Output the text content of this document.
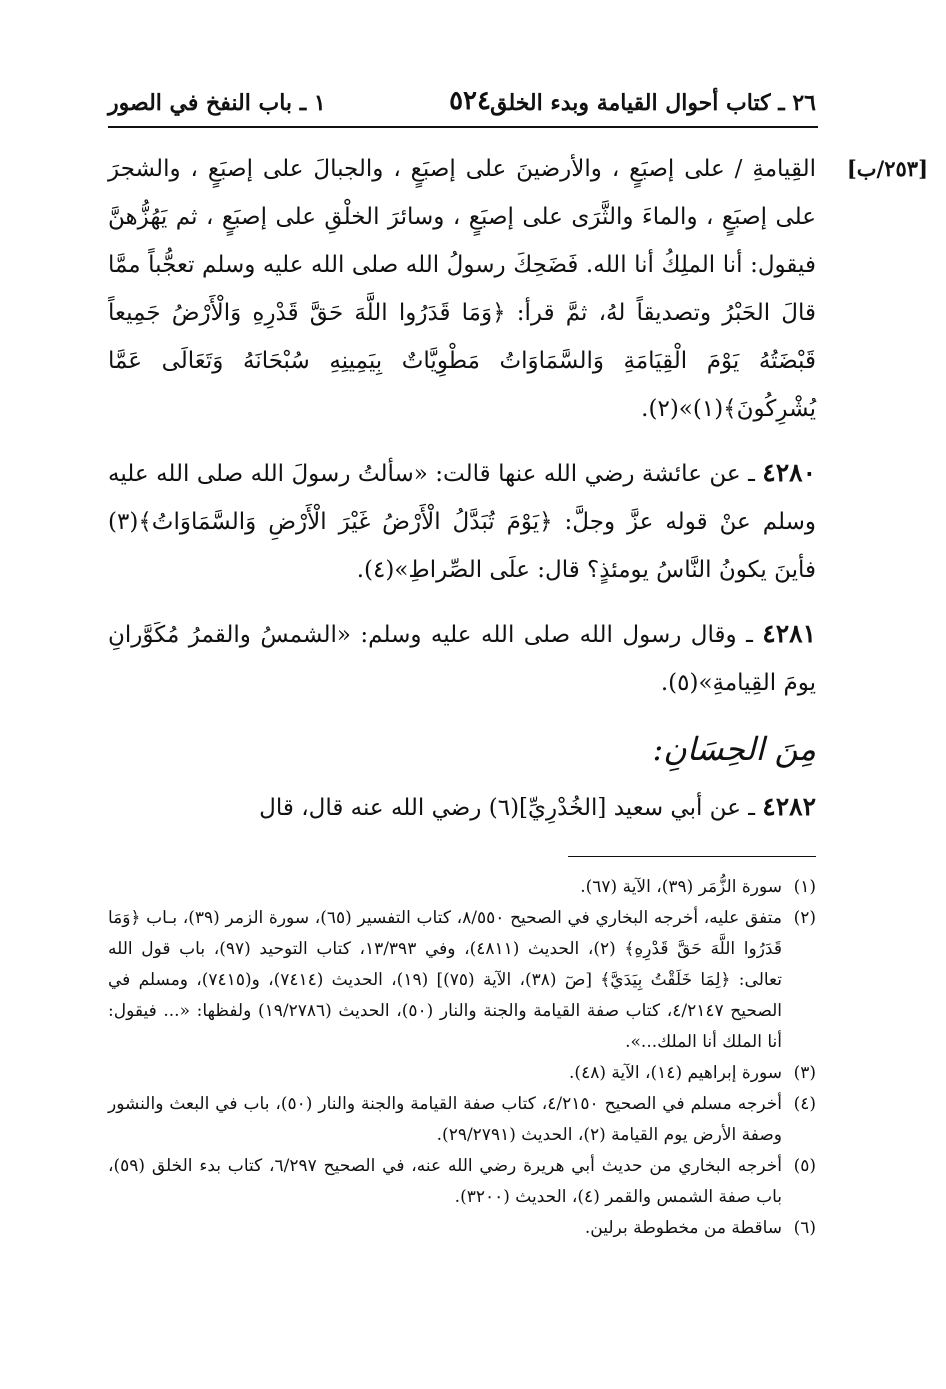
٢٦ ـ كتاب أحوال القيامة وبدء الخلق
٥٢٤
١ ـ باب النفخ في الصور
[٢٥٣/ب]

القِيامةِ / على إصبَعٍ ، والأرضينَ على إصبَعٍ ، والجبالَ على إصبَعٍ ، والشجرَ على إصبَعٍ ، والماءَ والثَّرَى على إصبَعٍ ، وسائرَ الخلْقِ على إصبَعٍ ، ثم يَهُزُّهنَّ فيقول: أنا الملِكُ أنا الله. فَضَحِكَ رسولُ الله صلى الله عليه وسلم تعجُّباً ممَّا قالَ الحَبْرُ وتصديقاً لهُ، ثمَّ قرأ: ﴿وَمَا قَدَرُوا اللَّهَ حَقَّ قَدْرِهِ وَالْأَرْضُ جَمِيعاً قَبْضَتُهُ يَوْمَ الْقِيَامَةِ وَالسَّمَاوَاتُ مَطْوِيَّاتٌ بِيَمِينِهِ سُبْحَانَهُ وَتَعَالَى عَمَّا يُشْرِكُونَ﴾(١)»(٢).

٤٢٨٠ ـ عن عائشة رضي الله عنها قالت: «سألتُ رسولَ الله صلى الله عليه وسلم عنْ قوله عزَّ وجلَّ: ﴿يَوْمَ تُبَدَّلُ الْأَرْضُ غَيْرَ الْأَرْضِ وَالسَّمَاوَاتُ﴾(٣) فأينَ يكونُ النَّاسُ يومئذٍ؟ قال: علَى الصِّراطِ»(٤).

٤٢٨١ ـ وقال رسول الله صلى الله عليه وسلم: «الشمسُ والقمرُ مُكَوَّرانِ يومَ القِيامةِ»(٥).

مِنَ الحِسَانِ:

٤٢٨٢ ـ عن أبي سعيد [الخُدْرِيِّ](٦) رضي الله عنه قال، قال

(١)
سورة الزُّمَر (٣٩)، الآية (٦٧).
(٢)
متفق عليه، أخرجه البخاري في الصحيح ٨/٥٥٠، كتاب التفسير (٦٥)، سورة الزمر (٣٩)، بـاب ﴿وَمَا قَدَرُوا اللَّهَ حَقَّ قَدْرِهِ﴾ (٢)، الحديث (٤٨١١)، وفي ١٣/٣٩٣، كتاب التوحيد (٩٧)، باب قول الله تعالى: ﴿لِمَا خَلَقْتُ بِيَدَيَّ﴾ [صٓ (٣٨)، الآية (٧٥)] (١٩)، الحديث (٧٤١٤)، و(٧٤١٥)، ومسلم في الصحيح ٤/٢١٤٧، كتاب صفة القيامة والجنة والنار (٥٠)، الحديث (١٩/٢٧٨٦) ولفظها: «... فيقول: أنا الملك أنا الملك...».
(٣)
سورة إبراهيم (١٤)، الآية (٤٨).
(٤)
أخرجه مسلم في الصحيح ٤/٢١٥٠، كتاب صفة القيامة والجنة والنار (٥٠)، باب في البعث والنشور وصفة الأرض يوم القيامة (٢)، الحديث (٢٩/٢٧٩١).
(٥)
أخرجه البخاري من حديث أبي هريرة رضي الله عنه، في الصحيح ٦/٢٩٧، كتاب بدء الخلق (٥٩)، باب صفة الشمس والقمر (٤)، الحديث (٣٢٠٠).
(٦)
ساقطة من مخطوطة برلين.
